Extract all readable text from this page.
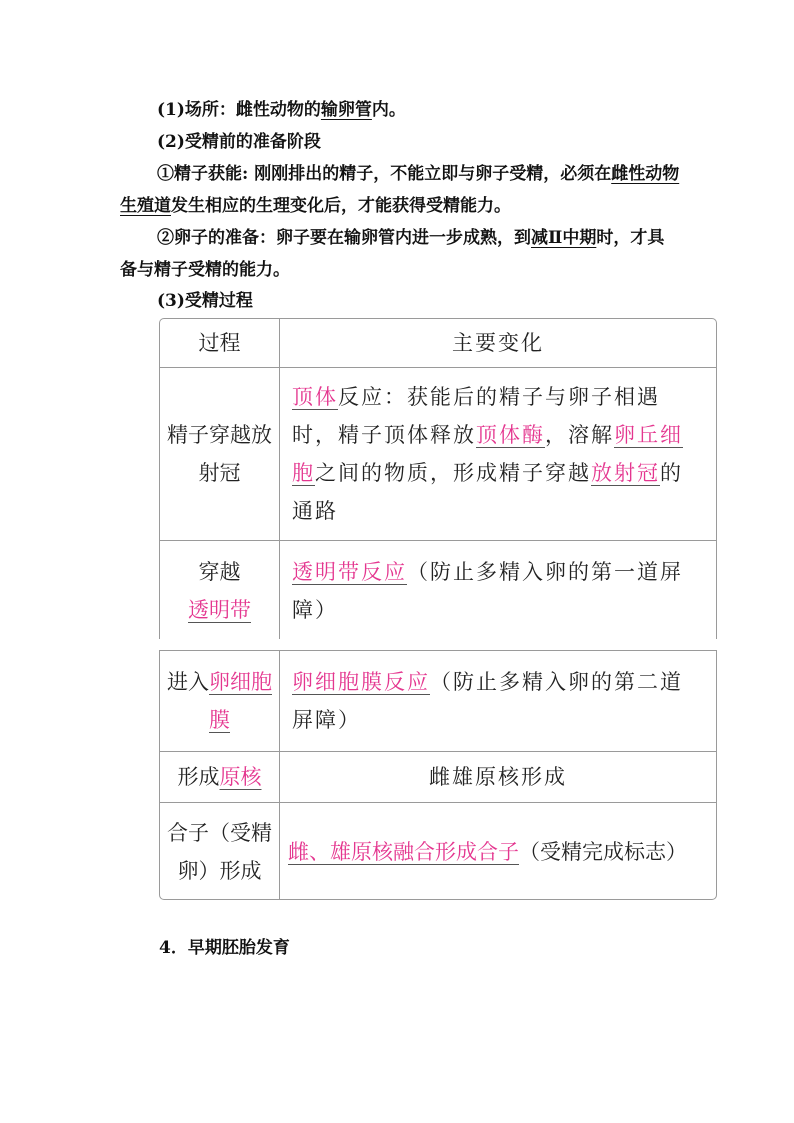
(1)场所：雌性动物的输卵管内。
(2)受精前的准备阶段
①精子获能: 刚刚排出的精子，不能立即与卵子受精，必须在雌性动物生殖道发生相应的生理变化后，才能获得受精能力。
②卵子的准备：卵子要在输卵管内进一步成熟，到减Ⅱ中期时，才具备与精子受精的能力。
(3)受精过程
过程	主要变化
精子穿越放射冠
顶体反应：获能后的精子与卵子相遇时，精子顶体释放顶体酶，溶解卵丘细胞之间的物质，形成精子穿越放射冠的通路
穿越
透明带
透明带反应（防止多精入卵的第一道屏障）
进入卵细胞膜
卵细胞膜反应（防止多精入卵的第二道屏障）
形成原核	雌雄原核形成
合子（受精卵）形成
雌、雄原核融合形成合子（受精完成标志）
4．早期胚胎发育
